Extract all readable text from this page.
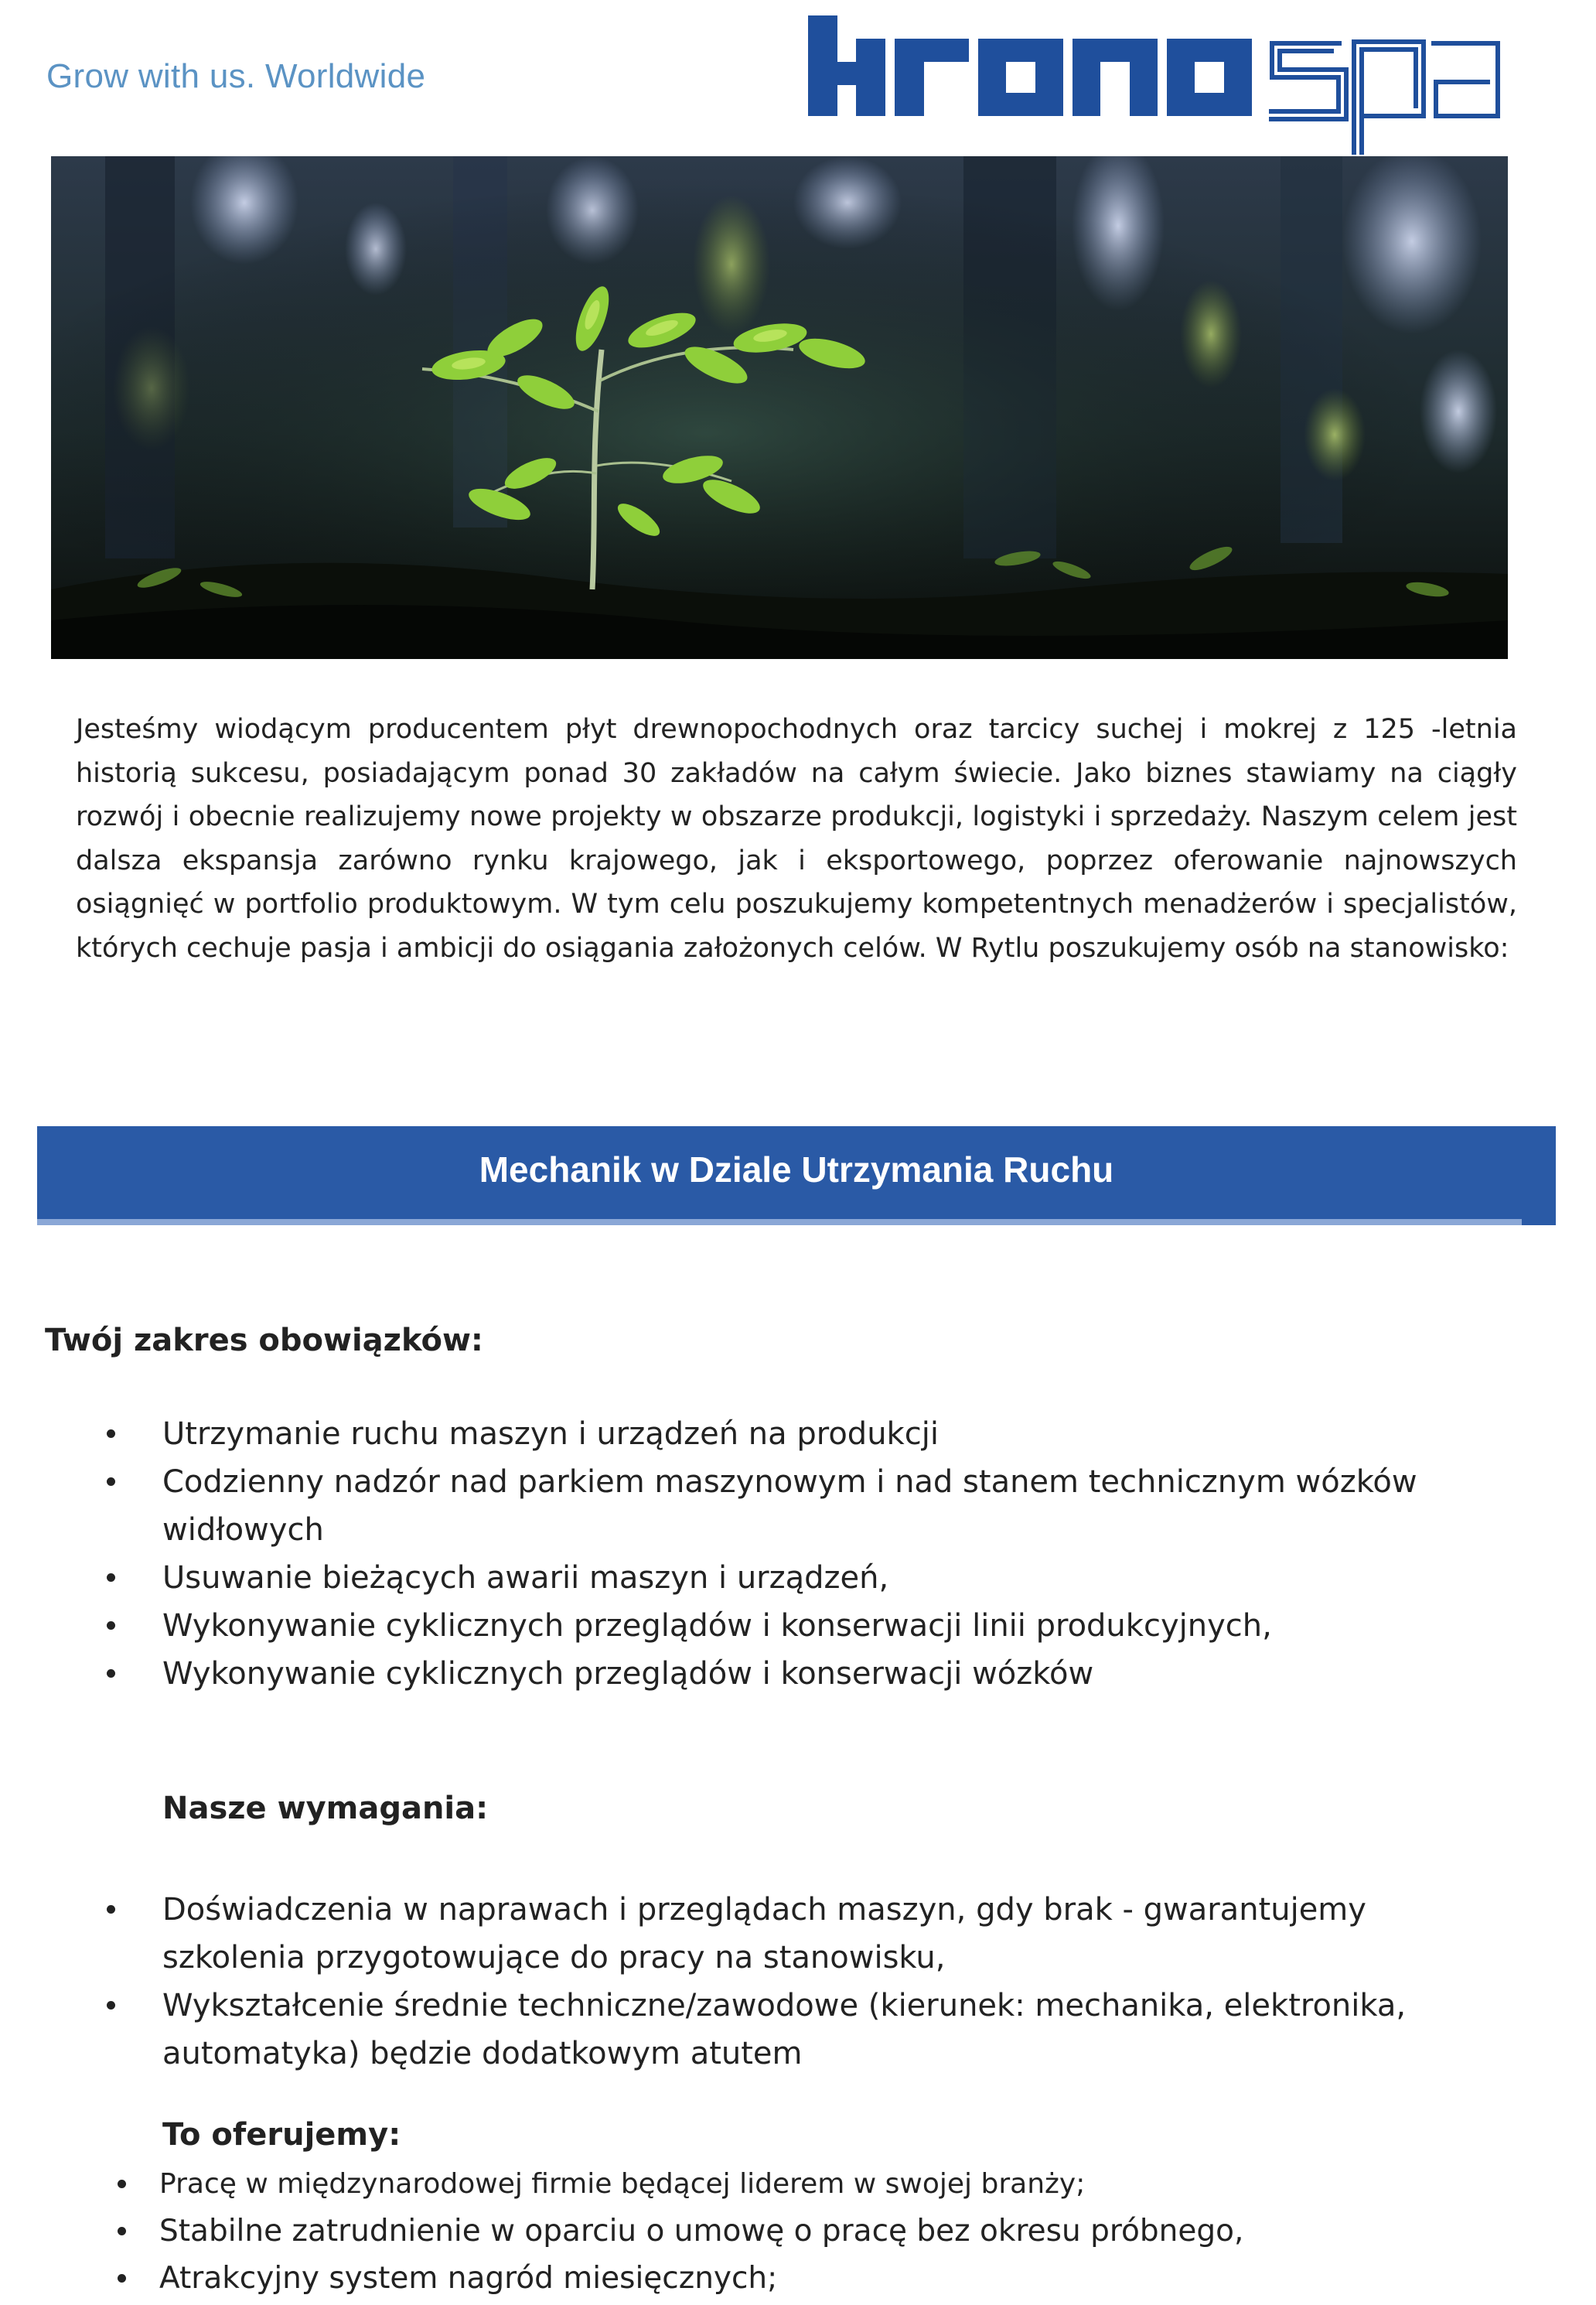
Grow with us. Worldwide
Jesteśmy wiodącym producentem płyt drewnopochodnych oraz tarcicy suchej i mokrej z 125 -letnia historią sukcesu, posiadającym ponad 30 zakładów na całym świecie. Jako biznes stawiamy na ciągły rozwój i obecnie realizujemy nowe projekty w obszarze produkcji, logistyki i sprzedaży. Naszym celem jest dalsza ekspansja zarówno rynku krajowego, jak i eksportowego, poprzez oferowanie najnowszych osiągnięć w portfolio produktowym. W tym celu poszukujemy kompetentnych menadżerów i specjalistów, których cechuje pasja i ambicji do osiągania założonych celów. W Rytlu poszukujemy osób na stanowisko:
Mechanik w Dziale Utrzymania Ruchu
Twój zakres obowiązków:
Utrzymanie ruchu maszyn i urządzeń na produkcji
Codzienny nadzór nad parkiem maszynowym i nad stanem technicznym wózków widłowych
Usuwanie bieżących awarii maszyn i urządzeń,
Wykonywanie cyklicznych przeglądów i konserwacji linii produkcyjnych,
Wykonywanie cyklicznych przeglądów i konserwacji wózków
Nasze wymagania:
Doświadczenia w naprawach i przeglądach maszyn, gdy brak - gwarantujemy szkolenia przygotowujące do pracy na stanowisku,
Wykształcenie średnie techniczne/zawodowe (kierunek: mechanika, elektronika, automatyka) będzie dodatkowym atutem
To oferujemy:
Pracę w międzynarodowej firmie będącej liderem w swojej branży;
Stabilne zatrudnienie w oparciu o umowę o pracę bez okresu próbnego,
Atrakcyjny system nagród miesięcznych;
